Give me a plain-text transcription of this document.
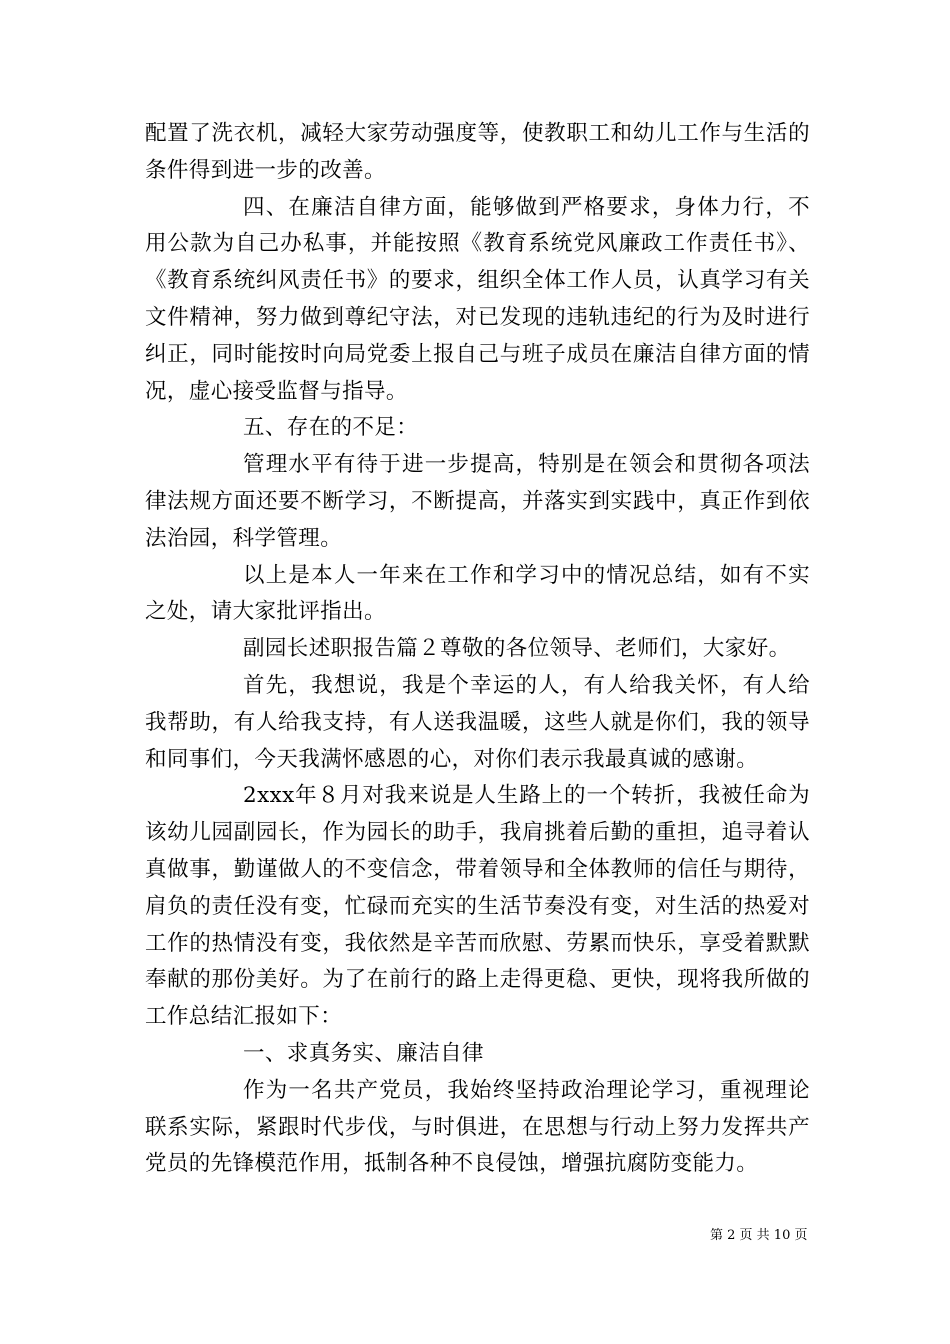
配置了洗衣机，减轻大家劳动强度等，使教职工和幼儿工作与生活的条件得到进一步的改善。

四、在廉洁自律方面，能够做到严格要求，身体力行，不用公款为自己办私事，并能按照《教育系统党风廉政工作责任书》、《教育系统纠风责任书》的要求，组织全体工作人员，认真学习有关文件精神，努力做到尊纪守法，对已发现的违轨违纪的行为及时进行纠正，同时能按时向局党委上报自己与班子成员在廉洁自律方面的情况，虚心接受监督与指导。

五、存在的不足：

管理水平有待于进一步提高，特别是在领会和贯彻各项法律法规方面还要不断学习，不断提高，并落实到实践中，真正作到依法治园，科学管理。

以上是本人一年来在工作和学习中的情况总结，如有不实之处，请大家批评指出。

副园长述职报告篇２尊敬的各位领导、老师们，大家好。

首先，我想说，我是个幸运的人，有人给我关怀，有人给我帮助，有人给我支持，有人送我温暖，这些人就是你们，我的领导和同事们，今天我满怀感恩的心，对你们表示我最真诚的感谢。

2xxx年８月对我来说是人生路上的一个转折，我被任命为该幼儿园副园长，作为园长的助手，我肩挑着后勤的重担，追寻着认真做事，勤谨做人的不变信念，带着领导和全体教师的信任与期待，肩负的责任没有变，忙碌而充实的生活节奏没有变，对生活的热爱对工作的热情没有变，我依然是辛苦而欣慰、劳累而快乐，享受着默默奉献的那份美好。为了在前行的路上走得更稳、更快，现将我所做的工作总结汇报如下：

一、求真务实、廉洁自律

作为一名共产党员，我始终坚持政治理论学习，重视理论联系实际，紧跟时代步伐，与时俱进，在思想与行动上努力发挥共产党员的先锋模范作用，抵制各种不良侵蚀，增强抗腐防变能力。

第 2 页 共 10 页
